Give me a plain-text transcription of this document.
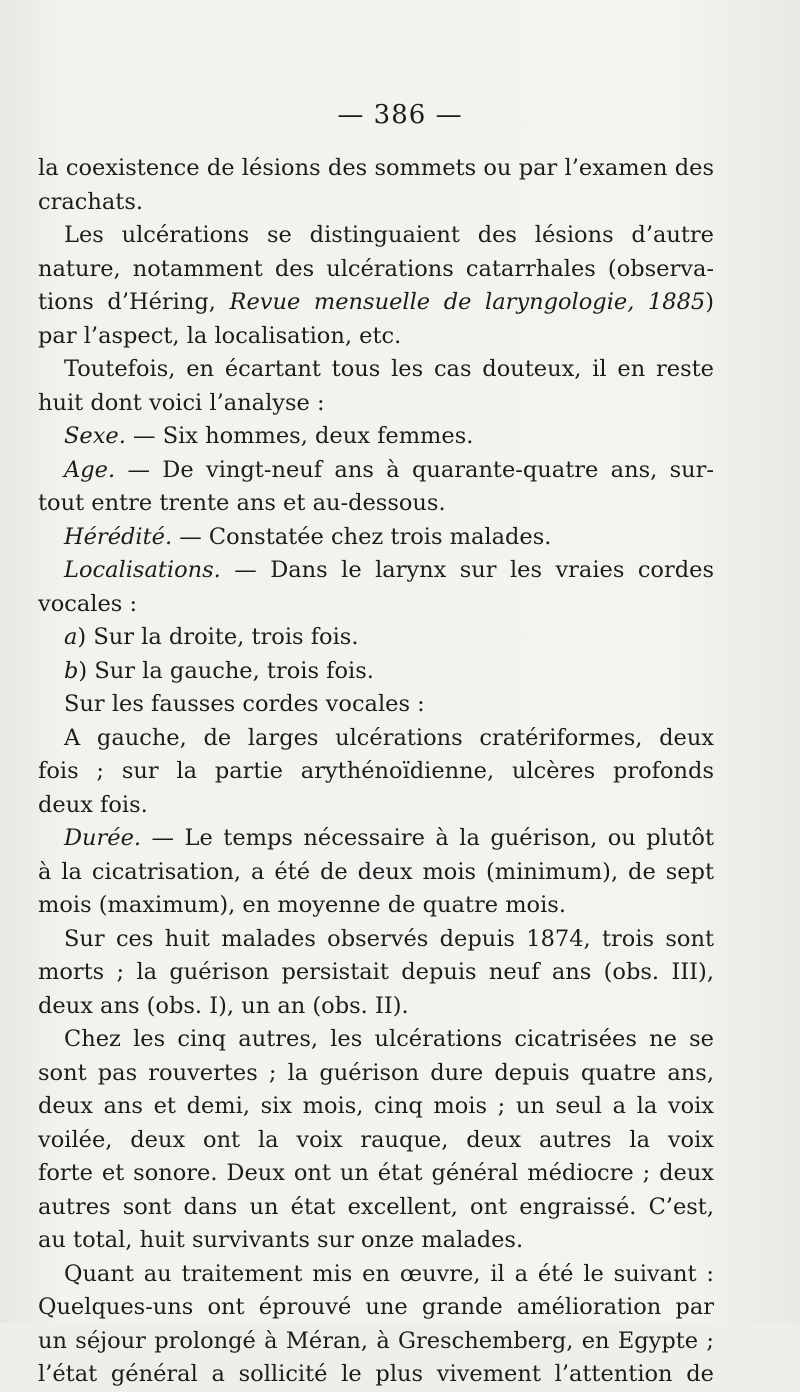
— 386 —
la coexistence de lésions des sommets ou par l’examen des
crachats.
Les ulcérations se distinguaient des lésions d’autre
nature, notamment des ulcérations catarrhales (observa-
tions d’Héring, Revue mensuelle de laryngologie, 1885)
par l’aspect, la localisation, etc.
Toutefois, en écartant tous les cas douteux, il en reste
huit dont voici l’analyse :
Sexe. — Six hommes, deux femmes.
Age. — De vingt-neuf ans à quarante-quatre ans, sur-
tout entre trente ans et au-dessous.
Hérédité. — Constatée chez trois malades.
Localisations. — Dans le larynx sur les vraies cordes
vocales :
a) Sur la droite, trois fois.
b) Sur la gauche, trois fois.
Sur les fausses cordes vocales :
A gauche, de larges ulcérations cratériformes, deux
fois ; sur la partie arythénoïdienne, ulcères profonds
deux fois.
Durée. — Le temps nécessaire à la guérison, ou plutôt
à la cicatrisation, a été de deux mois (minimum), de sept
mois (maximum), en moyenne de quatre mois.
Sur ces huit malades observés depuis 1874, trois sont
morts ; la guérison persistait depuis neuf ans (obs. III),
deux ans (obs. I), un an (obs. II).
Chez les cinq autres, les ulcérations cicatrisées ne se
sont pas rouvertes ; la guérison dure depuis quatre ans,
deux ans et demi, six mois, cinq mois ; un seul a la voix
voilée, deux ont la voix rauque, deux autres la voix
forte et sonore. Deux ont un état général médiocre ; deux
autres sont dans un état excellent, ont engraissé. C’est,
au total, huit survivants sur onze malades.
Quant au traitement mis en œuvre, il a été le suivant :
Quelques-uns ont éprouvé une grande amélioration par
un séjour prolongé à Méran, à Greschemberg, en Egypte ;
l’état général a sollicité le plus vivement l’attention de
